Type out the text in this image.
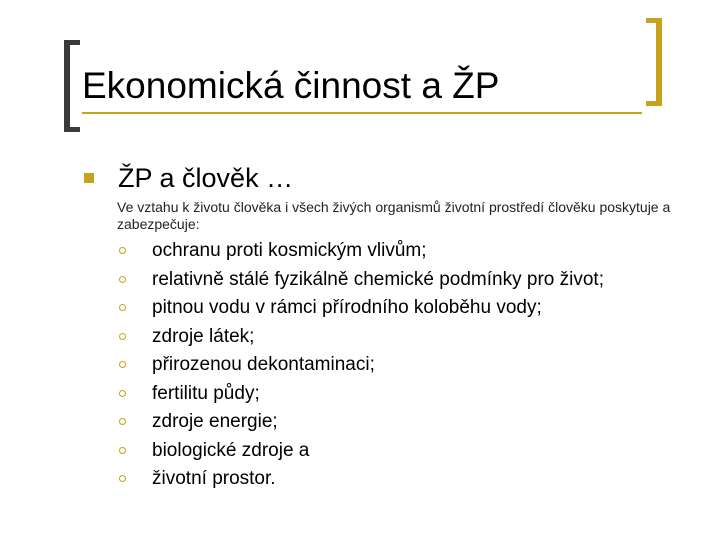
Ekonomická činnost a ŽP
ŽP a člověk …
Ve vztahu k životu člověka i všech živých organismů životní prostředí člověku poskytuje a zabezpečuje:
ochranu proti kosmickým vlivům;
relativně stálé fyzikálně chemické podmínky pro život;
pitnou vodu v rámci přírodního koloběhu vody;
zdroje látek;
přirozenou dekontaminaci;
fertilitu půdy;
zdroje energie;
biologické zdroje a
životní prostor.
